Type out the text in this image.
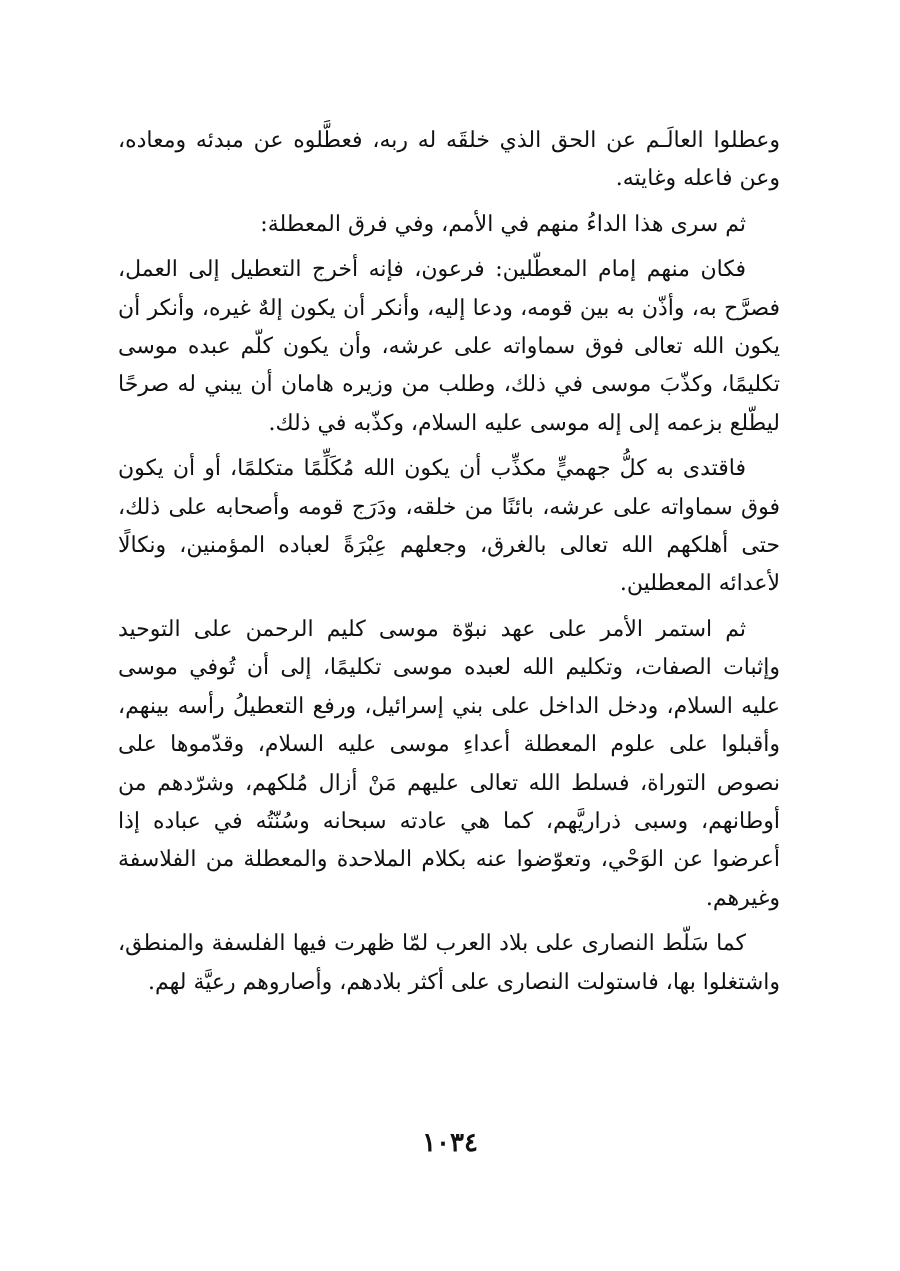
وعطلوا العالَـم عن الحق الذي خلقَه له ربه، فعطَّلوه عن مبدئه ومعاده، وعن فاعله وغايته.

ثم سرى هذا الداءُ منهم في الأمم، وفي فرق المعطلة:

فكان منهم إمام المعطّلين: فرعون، فإنه أخرج التعطيل إلى العمل، فصرَّح به، وأذّن به بين قومه، ودعا إليه، وأنكر أن يكون إلهٌ غيره، وأنكر أن يكون الله تعالى فوق سماواته على عرشه، وأن يكون كلّم عبده موسى تكليمًا، وكذّبَ موسى في ذلك، وطلب من وزيره هامان أن يبني له صرحًا ليطّلع بزعمه إلى إله موسى عليه السلام، وكذّبه في ذلك.

فاقتدى به كلُّ جهميٍّ مكذِّب أن يكون الله مُكَلِّمًا متكلمًا، أو أن يكون فوق سماواته على عرشه، بائنًا من خلقه، ودَرَج قومه وأصحابه على ذلك، حتى أهلكهم الله تعالى بالغرق، وجعلهم عِبْرَةً لعباده المؤمنين، ونكالًا لأعدائه المعطلين.

ثم استمر الأمر على عهد نبوّة موسى كليم الرحمن على التوحيد وإثبات الصفات، وتكليم الله لعبده موسى تكليمًا، إلى أن تُوفي موسى عليه السلام، ودخل الداخل على بني إسرائيل، ورفع التعطيلُ رأسه بينهم، وأقبلوا على علوم المعطلة أعداءِ موسى عليه السلام، وقدّموها على نصوص التوراة، فسلط الله تعالى عليهم مَنْ أزال مُلكهم، وشرّدهم من أوطانهم، وسبى ذراريَّهم، كما هي عادته سبحانه وسُنّتُه في عباده إذا أعرضوا عن الوَحْي، وتعوّضوا عنه بكلام الملاحدة والمعطلة من الفلاسفة وغيرهم.

كما سَلّط النصارى على بلاد العرب لمّا ظهرت فيها الفلسفة والمنطق، واشتغلوا بها، فاستولت النصارى على أكثر بلادهم، وأصاروهم رعيَّة لهم.

١٠٣٤
